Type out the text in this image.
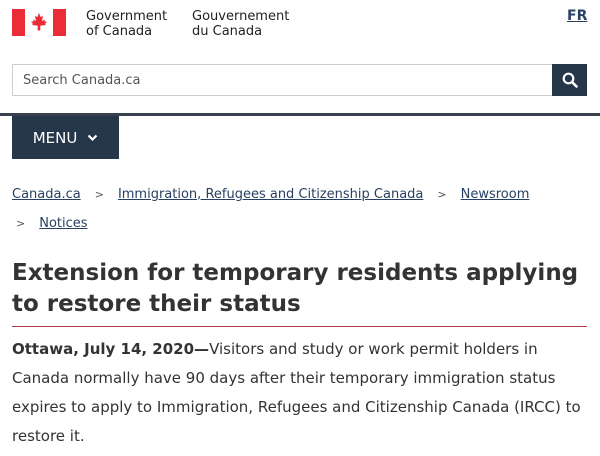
Government
of Canada
Gouvernement
du Canada
FR
Search Canada.ca
MENU
Canada.ca > Immigration, Refugees and Citizenship Canada > Newsroom
> Notices
Extension for temporary residents applying to restore their status

Ottawa, July 14, 2020—Visitors and study or work permit holders in Canada normally have 90 days after their temporary immigration status expires to apply to Immigration, Refugees and Citizenship Canada (IRCC) to restore it.
